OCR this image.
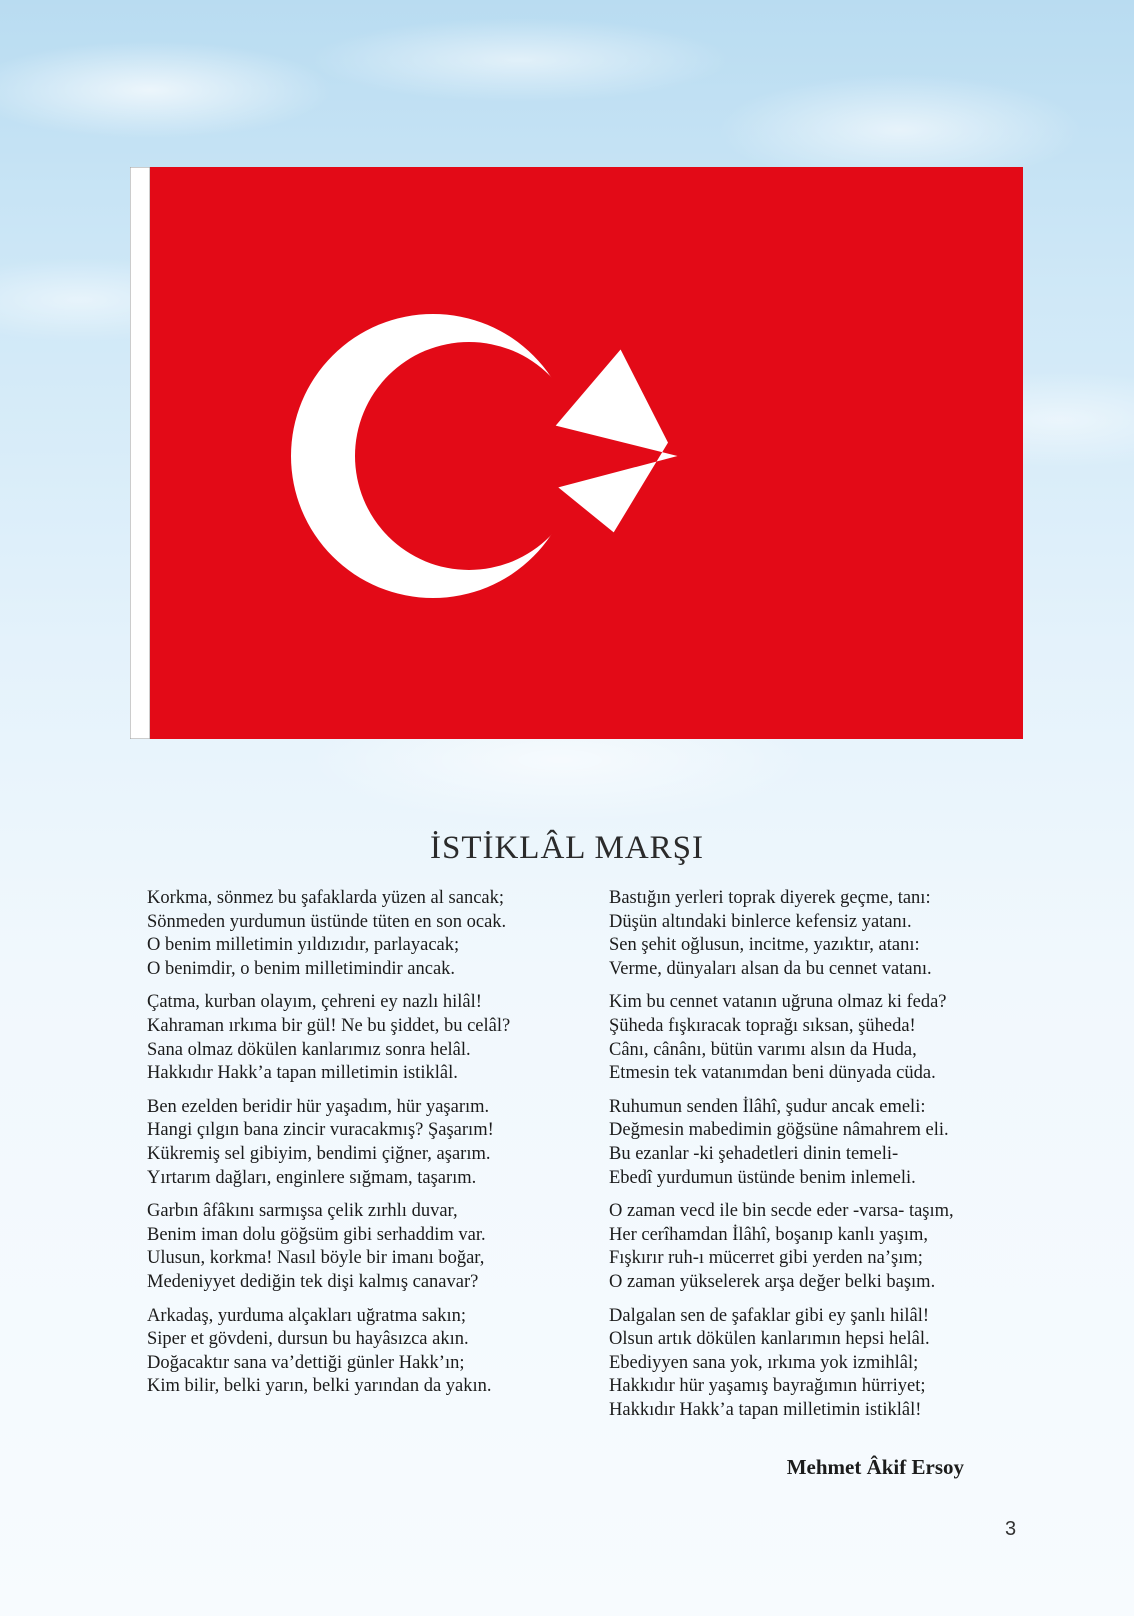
İSTİKLÂL MARŞI
Korkma, sönmez bu şafaklarda yüzen al sancak;
Sönmeden yurdumun üstünde tüten en son ocak.
O benim milletimin yıldızıdır, parlayacak;
O benimdir, o benim milletimindir ancak.
Çatma, kurban olayım, çehreni ey nazlı hilâl!
Kahraman ırkıma bir gül! Ne bu şiddet, bu celâl?
Sana olmaz dökülen kanlarımız sonra helâl.
Hakkıdır Hakk’a tapan milletimin istiklâl.
Ben ezelden beridir hür yaşadım, hür yaşarım.
Hangi çılgın bana zincir vuracakmış? Şaşarım!
Kükremiş sel gibiyim, bendimi çiğner, aşarım.
Yırtarım dağları, enginlere sığmam, taşarım.
Garbın âfâkını sarmışsa çelik zırhlı duvar,
Benim iman dolu göğsüm gibi serhaddim var.
Ulusun, korkma! Nasıl böyle bir imanı boğar,
Medeniyyet dediğin tek dişi kalmış canavar?
Arkadaş, yurduma alçakları uğratma sakın;
Siper et gövdeni, dursun bu hayâsızca akın.
Doğacaktır sana va’dettiği günler Hakk’ın;
Kim bilir, belki yarın, belki yarından da yakın.
Bastığın yerleri toprak diyerek geçme, tanı:
Düşün altındaki binlerce kefensiz yatanı.
Sen şehit oğlusun, incitme, yazıktır, atanı:
Verme, dünyaları alsan da bu cennet vatanı.
Kim bu cennet vatanın uğruna olmaz ki feda?
Şüheda fışkıracak toprağı sıksan, şüheda!
Cânı, cânânı, bütün varımı alsın da Huda,
Etmesin tek vatanımdan beni dünyada cüda.
Ruhumun senden İlâhî, şudur ancak emeli:
Değmesin mabedimin göğsüne nâmahrem eli.
Bu ezanlar -ki şehadetleri dinin temeli-
Ebedî yurdumun üstünde benim inlemeli.
O zaman vecd ile bin secde eder -varsa- taşım,
Her cerîhamdan İlâhî, boşanıp kanlı yaşım,
Fışkırır ruh-ı mücerret gibi yerden na’şım;
O zaman yükselerek arşa değer belki başım.
Dalgalan sen de şafaklar gibi ey şanlı hilâl!
Olsun artık dökülen kanlarımın hepsi helâl.
Ebediyyen sana yok, ırkıma yok izmihlâl;
Hakkıdır hür yaşamış bayrağımın hürriyet;
Hakkıdır Hakk’a tapan milletimin istiklâl!
Mehmet Âkif Ersoy
3
